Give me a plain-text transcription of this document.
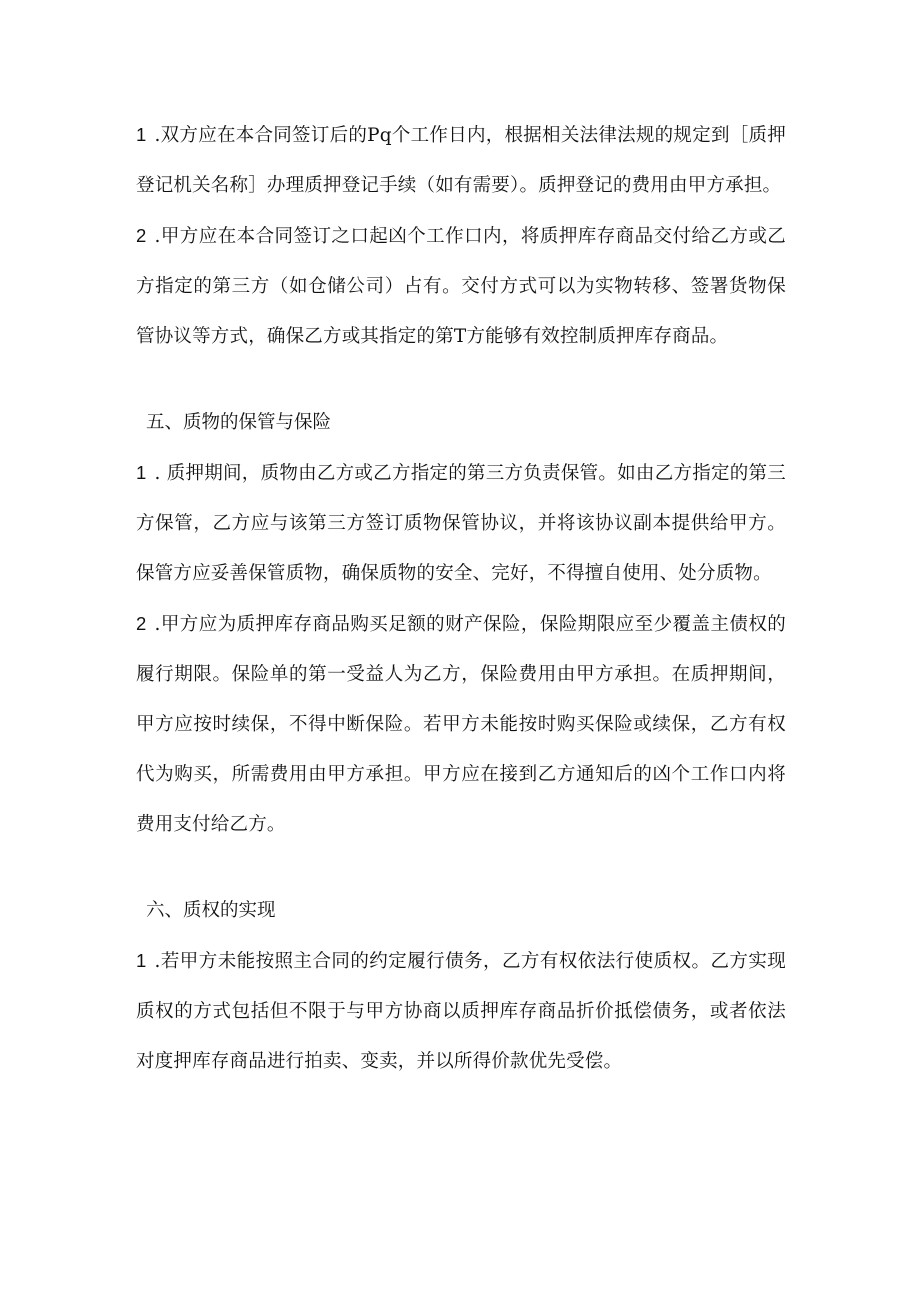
1 .双方应在本合同签订后的Pq个工作日内，根据相关法律法规的规定到［质押登记机关名称］办理质押登记手续（如有需要）。质押登记的费用由甲方承担。

2 .甲方应在本合同签订之口起凶个工作口内，将质押库存商品交付给乙方或乙方指定的第三方（如仓储公司）占有。交付方式可以为实物转移、签署货物保管协议等方式，确保乙方或其指定的第T方能够有效控制质押库存商品。

五、质物的保管与保险

1 . 质押期间，质物由乙方或乙方指定的第三方负责保管。如由乙方指定的第三方保管，乙方应与该第三方签订质物保管协议，并将该协议副本提供给甲方。保管方应妥善保管质物，确保质物的安全、完好，不得擅自使用、处分质物。

2 .甲方应为质押库存商品购买足额的财产保险，保险期限应至少覆盖主债权的履行期限。保险单的第一受益人为乙方，保险费用由甲方承担。在质押期间，甲方应按时续保，不得中断保险。若甲方未能按时购买保险或续保，乙方有权代为购买，所需费用由甲方承担。甲方应在接到乙方通知后的凶个工作口内将费用支付给乙方。

六、质权的实现

1 .若甲方未能按照主合同的约定履行债务，乙方有权依法行使质权。乙方实现质权的方式包括但不限于与甲方协商以质押库存商品折价抵偿债务，或者依法对度押库存商品进行拍卖、变卖，并以所得价款优先受偿。
